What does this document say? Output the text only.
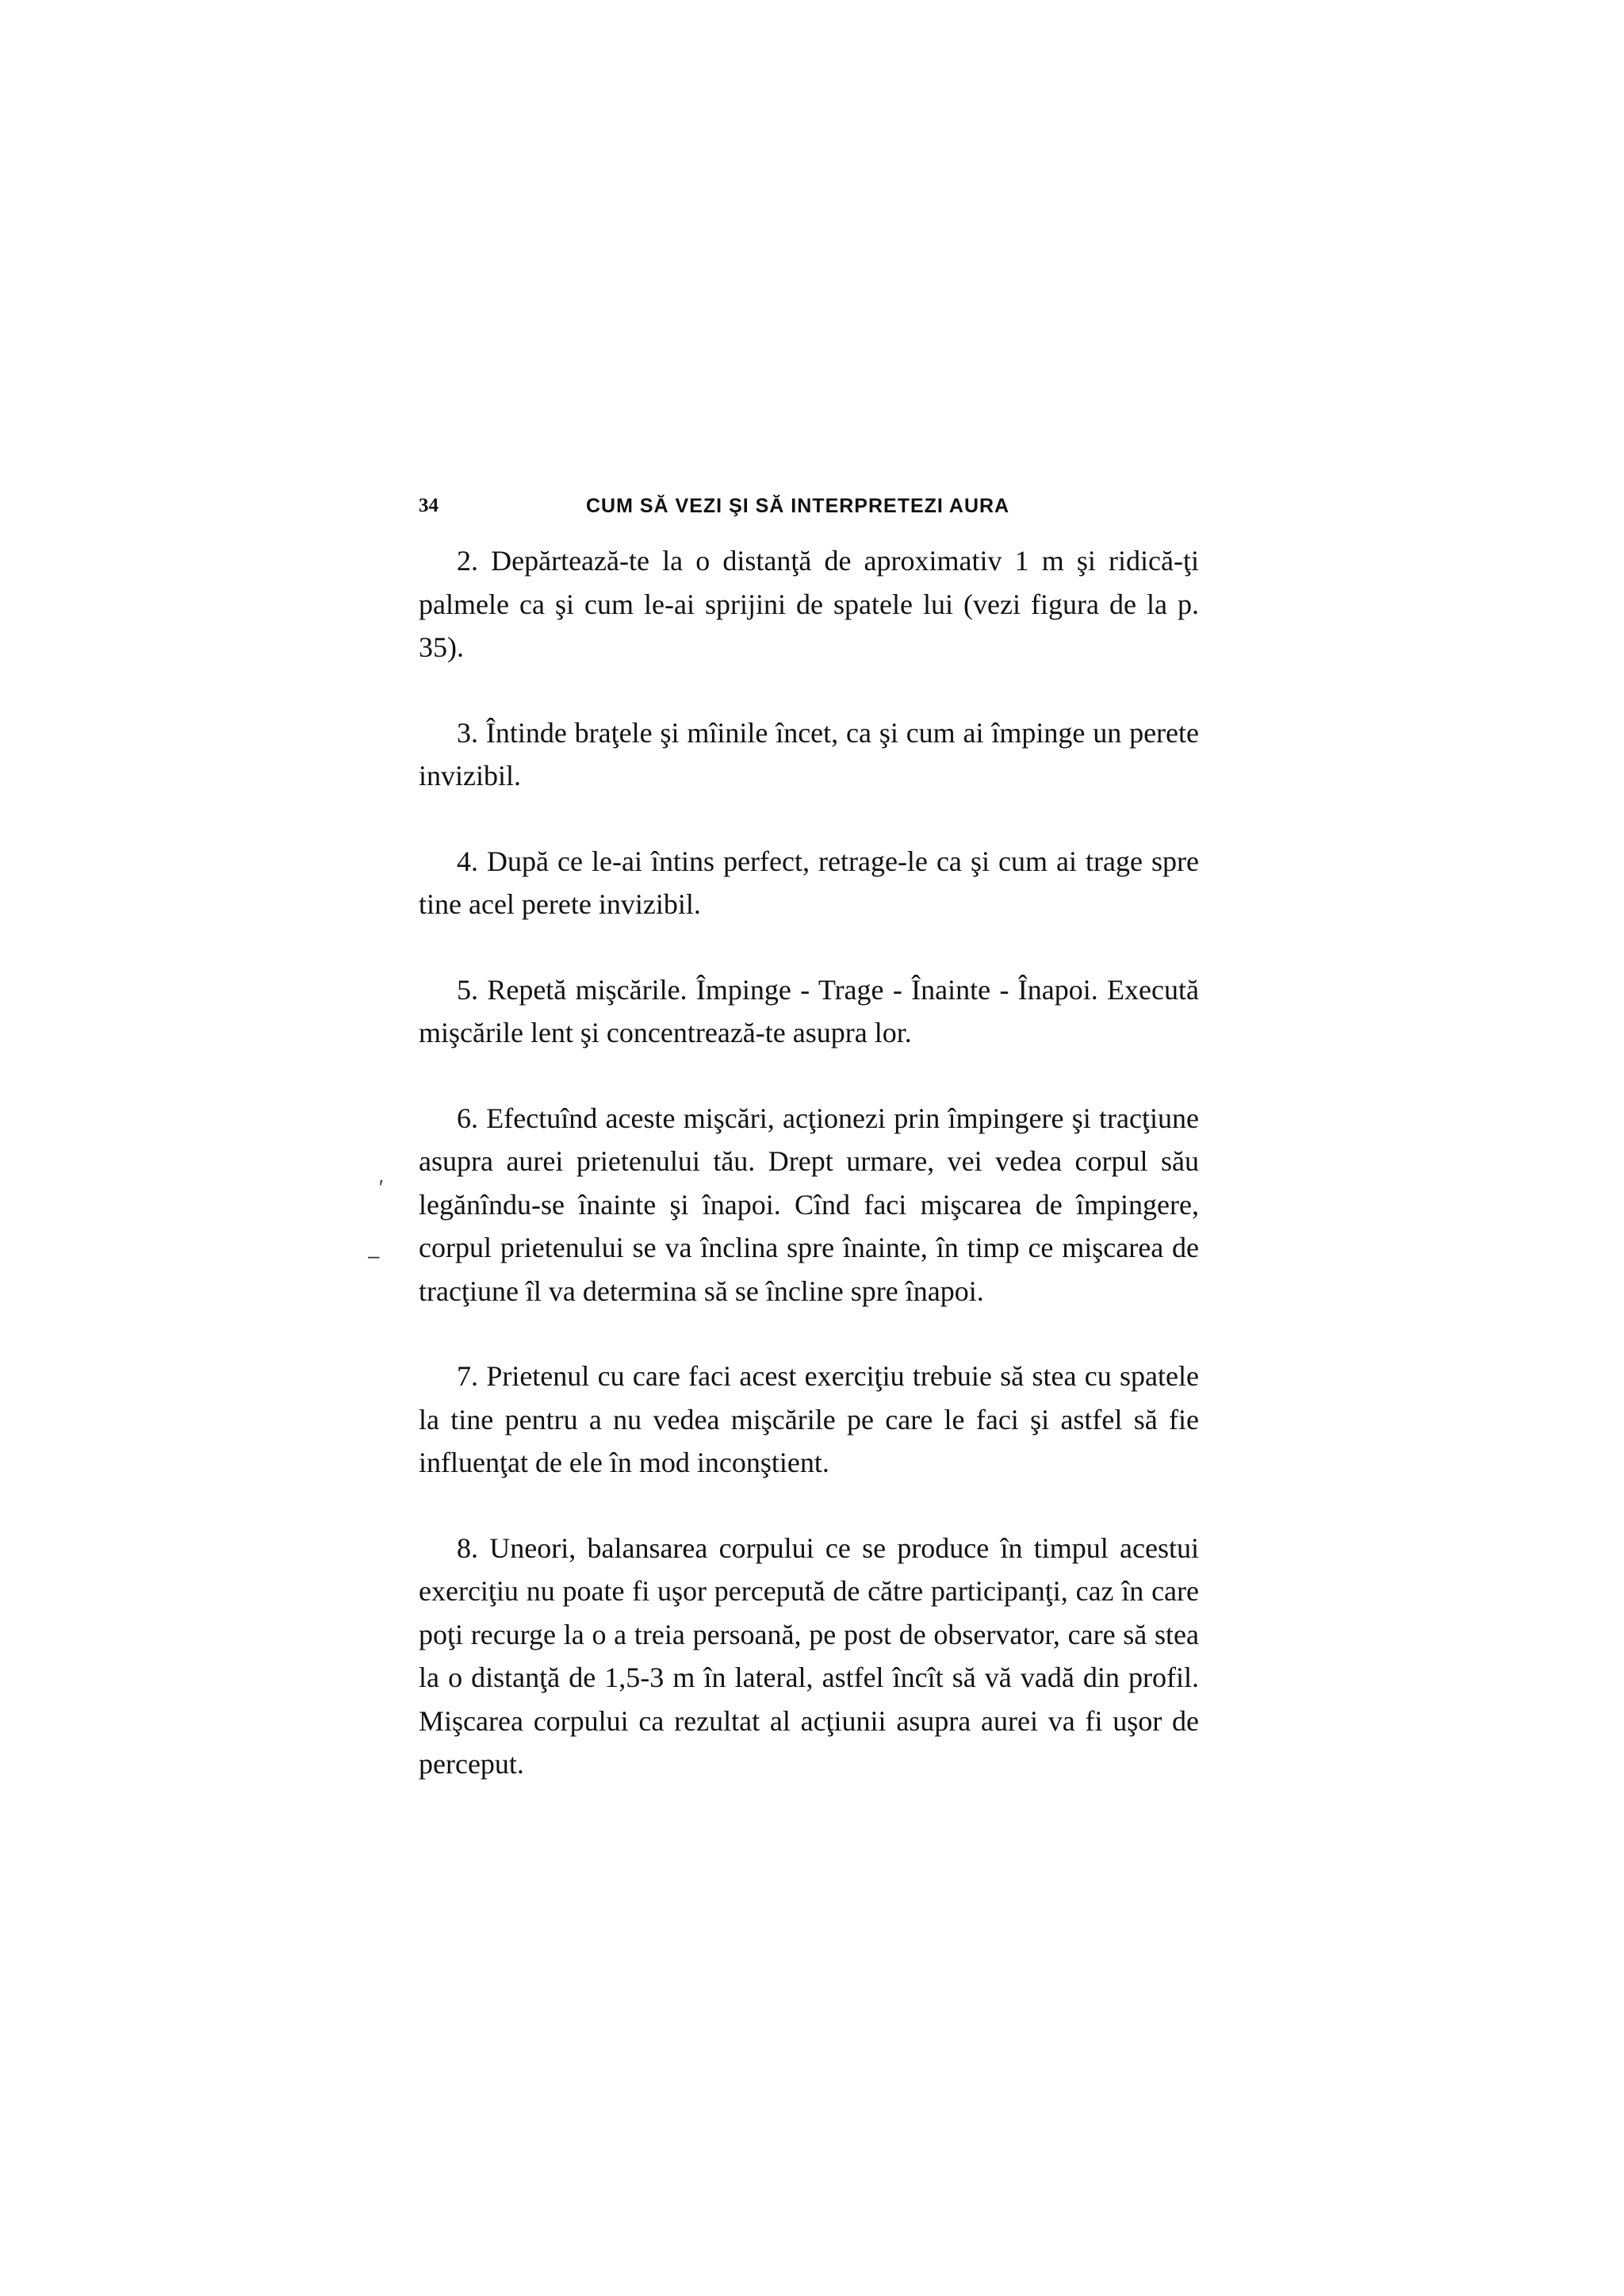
34	CUM SĂ VEZI ŞI SĂ INTERPRETEZI AURA

2. Depărtează-te la o distanţă de aproximativ 1 m şi ridică-ţi palmele ca şi cum le-ai sprijini de spatele lui (vezi figura de la p. 35).

3. Întinde braţele şi mîinile încet, ca şi cum ai împinge un perete invizibil.

4. După ce le-ai întins perfect, retrage-le ca şi cum ai trage spre tine acel perete invizibil.

5. Repetă mişcările. Împinge - Trage - Înainte - Înapoi. Execută mişcările lent şi concentrează-te asupra lor.

6. Efectuînd aceste mişcări, acţionezi prin împingere şi tracţiune asupra aurei prietenului tău. Drept urmare, vei vedea corpul său legănîndu-se înainte şi înapoi. Cînd faci mişcarea de împingere, corpul prietenului se va înclina spre înainte, în timp ce mişcarea de tracţiune îl va determina să se încline spre înapoi.

7. Prietenul cu care faci acest exerciţiu trebuie să stea cu spatele la tine pentru a nu vedea mişcările pe care le faci şi astfel să fie influenţat de ele în mod inconştient.

8. Uneori, balansarea corpului ce se produce în timpul acestui exerciţiu nu poate fi uşor percepută de către participanţi, caz în care poţi recurge la o a treia persoană, pe post de observator, care să stea la o distanţă de 1,5-3 m în lateral, astfel încît să vă vadă din profil. Mişcarea corpului ca rezultat al acţiunii asupra aurei va fi uşor de perceput.

′
–
